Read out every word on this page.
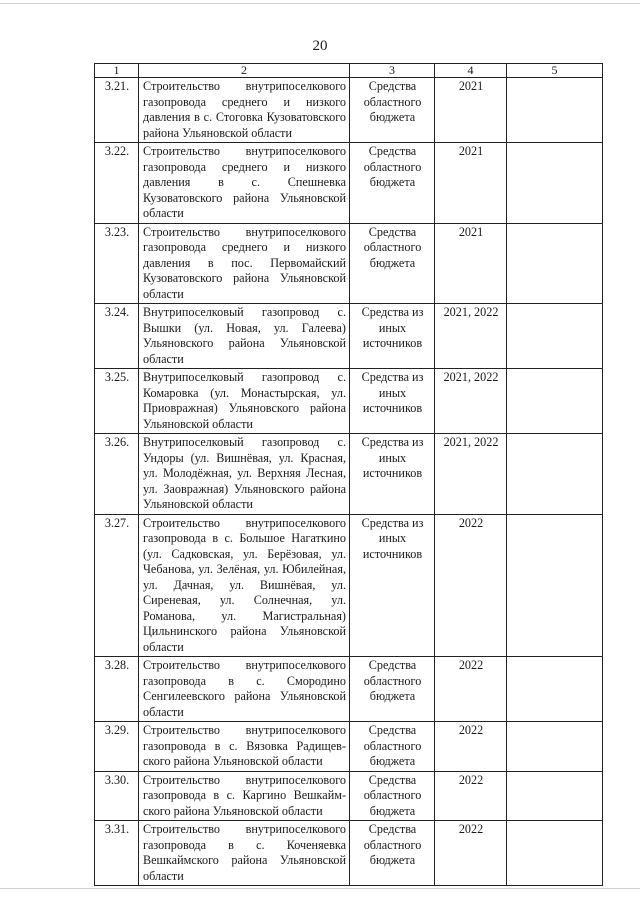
20
1	2	3	4	5
3.21.	Строительство внутрипоселкового газопровода среднего и низкого давления в с. Стоговка Кузоватовского района Ульяновской области	Средства областного бюджета	2021	
3.22.	Строительство внутрипоселкового газопровода среднего и низкого давления в с. Спешневка Кузоватовского района Ульяновской области	Средства областного бюджета	2021	
3.23.	Строительство внутрипоселкового газопровода среднего и низкого давления в пос. Первомайский Кузоватовского района Ульяновской области	Средства областного бюджета	2021	
3.24.	Внутрипоселковый газопровод с. Вышки (ул. Новая, ул. Галеева) Ульяновского района Ульяновской области	Средства из иных источников	2021, 2022	
3.25.	Внутрипоселковый газопровод с. Комаровка (ул. Монастырская, ул. Приовражная) Ульяновского района Ульяновской области	Средства из иных источников	2021, 2022	
3.26.	Внутрипоселковый газопровод с. Ундоры (ул. Вишнёвая, ул. Красная, ул. Молодёжная, ул. Верхняя Лесная, ул. Заовражная) Ульяновского района Ульяновской области	Средства из иных источников	2021, 2022	
3.27.	Строительство внутрипоселкового газопровода в с. Большое Нагаткино (ул. Садковская, ул. Берёзовая, ул. Чебанова, ул. Зелёная, ул. Юбилейная, ул. Дачная, ул. Вишнёвая, ул. Сиреневая, ул. Солнечная, ул. Романова, ул. Магистральная) Цильнинского района Ульяновской области	Средства из иных источников	2022	
3.28.	Строительство внутрипоселкового газопровода в с. Смородино Сенгилеевского района Ульяновской области	Средства областного бюджета	2022	
3.29.	Строительство внутрипоселкового газопровода в с. Вязовка Радищевского района Ульяновской области	Средства областного бюджета	2022	
3.30.	Строительство внутрипоселкового газопровода в с. Каргино Вешкаймского района Ульяновской области	Средства областного бюджета	2022	
3.31.	Строительство внутрипоселкового газопровода в с. Коченяевка Вешкаймского района Ульяновской области	Средства областного бюджета	2022	
